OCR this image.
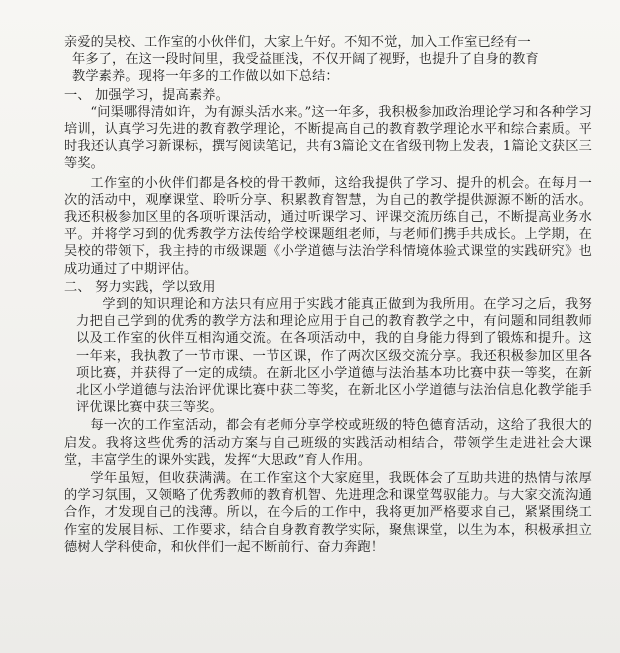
亲爱的吴校、工作室的小伙伴们，大家上午好。不知不觉，加入工作室已经有一

年多了，在这一段时间里，我受益匪浅，不仅开阔了视野，也提升了自身的教育

教学素养。现将一年多的工作做以如下总结：

一、 加强学习，提高素养。

“问渠哪得清如许，为有源头活水来。”这一年多，我积极参加政治理论学习和各种学习培训，认真学习先进的教育教学理论，不断提高自己的教育教学理论水平和综合素质。平时我还认真学习新课标，撰写阅读笔记，共有3篇论文在省级刊物上发表，1篇论文获区三等奖。

工作室的小伙伴们都是各校的骨干教师，这给我提供了学习、提升的机会。在每月一次的活动中，观摩课堂、聆听分享、积累教育智慧，为自己的教学提供源源不断的活水。我还积极参加区里的各项听课活动，通过听课学习、评课交流历练自己，不断提高业务水平。并将学习到的优秀教学方法传给学校课题组老师，与老师们携手共成长。上学期，在吴校的带领下，我主持的市级课题《小学道德与法治学科情境体验式课堂的实践研究》也成功通过了中期评估。

二、 努力实践，学以致用

学到的知识理论和方法只有应用于实践才能真正做到为我所用。在学习之后，我努力把自己学到的优秀的教学方法和理论应用于自己的教育教学之中，有问题和同组教师以及工作室的伙伴互相沟通交流。在各项活动中，我的自身能力得到了锻炼和提升。这一年来，我执教了一节市课、一节区课，作了两次区级交流分享。我还积极参加区里各项比赛，并获得了一定的成绩。在新北区小学道德与法治基本功比赛中获一等奖，在新北区小学道德与法治评优课比赛中获二等奖，在新北区小学道德与法治信息化教学能手评优课比赛中获三等奖。

每一次的工作室活动，都会有老师分享学校或班级的特色德育活动，这给了我很大的启发。我将这些优秀的活动方案与自己班级的实践活动相结合，带领学生走进社会大课堂，丰富学生的课外实践，发挥“大思政”育人作用。

学年虽短，但收获满满。在工作室这个大家庭里，我既体会了互助共进的热情与浓厚的学习氛围，又领略了优秀教师的教育机智、先进理念和课堂驾驭能力。与大家交流沟通合作，才发现自己的浅薄。所以，在今后的工作中，我将更加严格要求自己，紧紧围绕工作室的发展目标、工作要求，结合自身教育教学实际，聚焦课堂，以生为本，积极承担立德树人学科使命，和伙伴们一起不断前行、奋力奔跑！
